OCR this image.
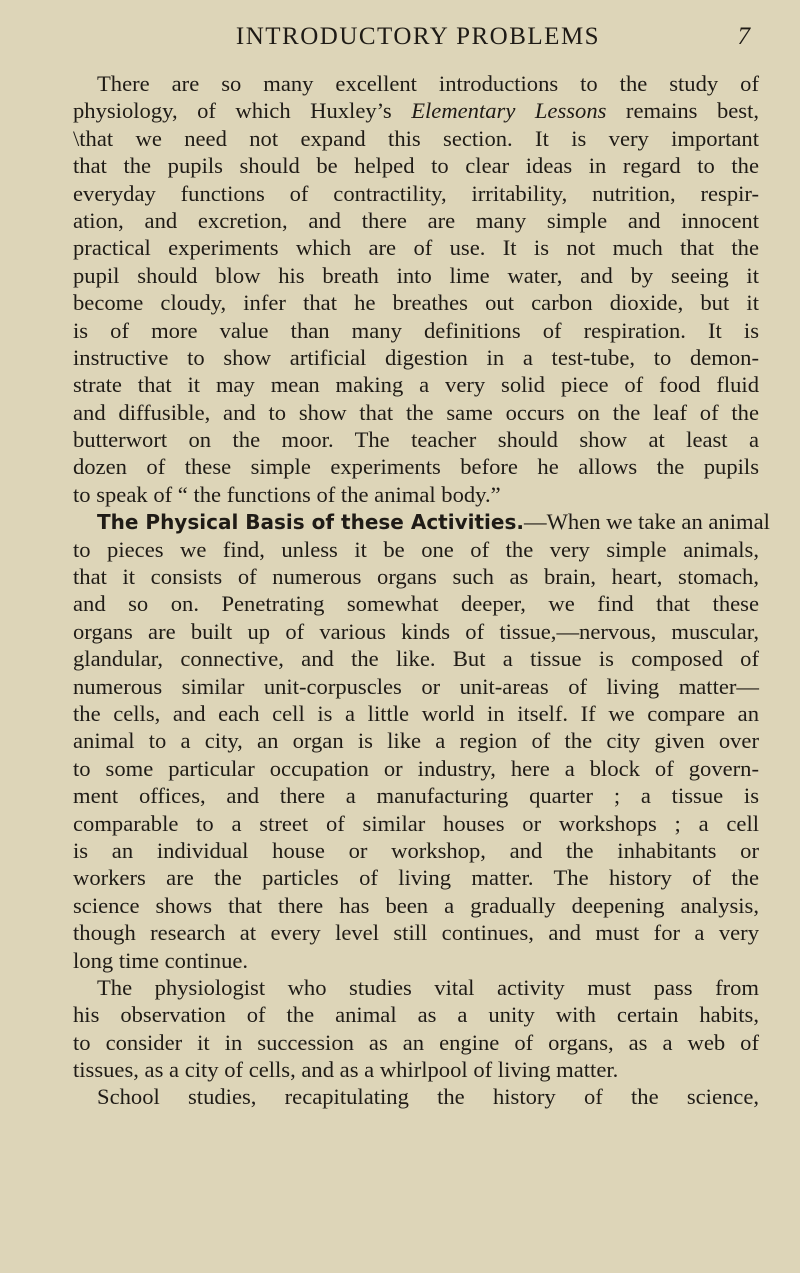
INTRODUCTORY PROBLEMS	7
There are so many excellent introductions to the study of
physiology, of which Huxley’s Elementary Lessons remains best,
\that we need not expand this section. It is very important
that the pupils should be helped to clear ideas in regard to the
everyday functions of contractility, irritability, nutrition, respir-
ation, and excretion, and there are many simple and innocent
practical experiments which are of use. It is not much that the
pupil should blow his breath into lime water, and by seeing it
become cloudy, infer that he breathes out carbon dioxide, but it
is of more value than many definitions of respiration. It is
instructive to show artificial digestion in a test-tube, to demon-
strate that it may mean making a very solid piece of food fluid
and diffusible, and to show that the same occurs on the leaf of the
butterwort on the moor. The teacher should show at least a
dozen of these simple experiments before he allows the pupils
to speak of “ the functions of the animal body.”
The Physical Basis of these Activities.—When we take an animal
to pieces we find, unless it be one of the very simple animals,
that it consists of numerous organs such as brain, heart, stomach,
and so on. Penetrating somewhat deeper, we find that these
organs are built up of various kinds of tissue,—nervous, muscular,
glandular, connective, and the like. But a tissue is composed of
numerous similar unit-corpuscles or unit-areas of living matter—
the cells, and each cell is a little world in itself. If we compare an
animal to a city, an organ is like a region of the city given over
to some particular occupation or industry, here a block of govern-
ment offices, and there a manufacturing quarter ; a tissue is
comparable to a street of similar houses or workshops ; a cell
is an individual house or workshop, and the inhabitants or
workers are the particles of living matter. The history of the
science shows that there has been a gradually deepening analysis,
though research at every level still continues, and must for a very
long time continue.
The physiologist who studies vital activity must pass from
his observation of the animal as a unity with certain habits,
to consider it in succession as an engine of organs, as a web of
tissues, as a city of cells, and as a whirlpool of living matter.
School studies, recapitulating the history of the science,
